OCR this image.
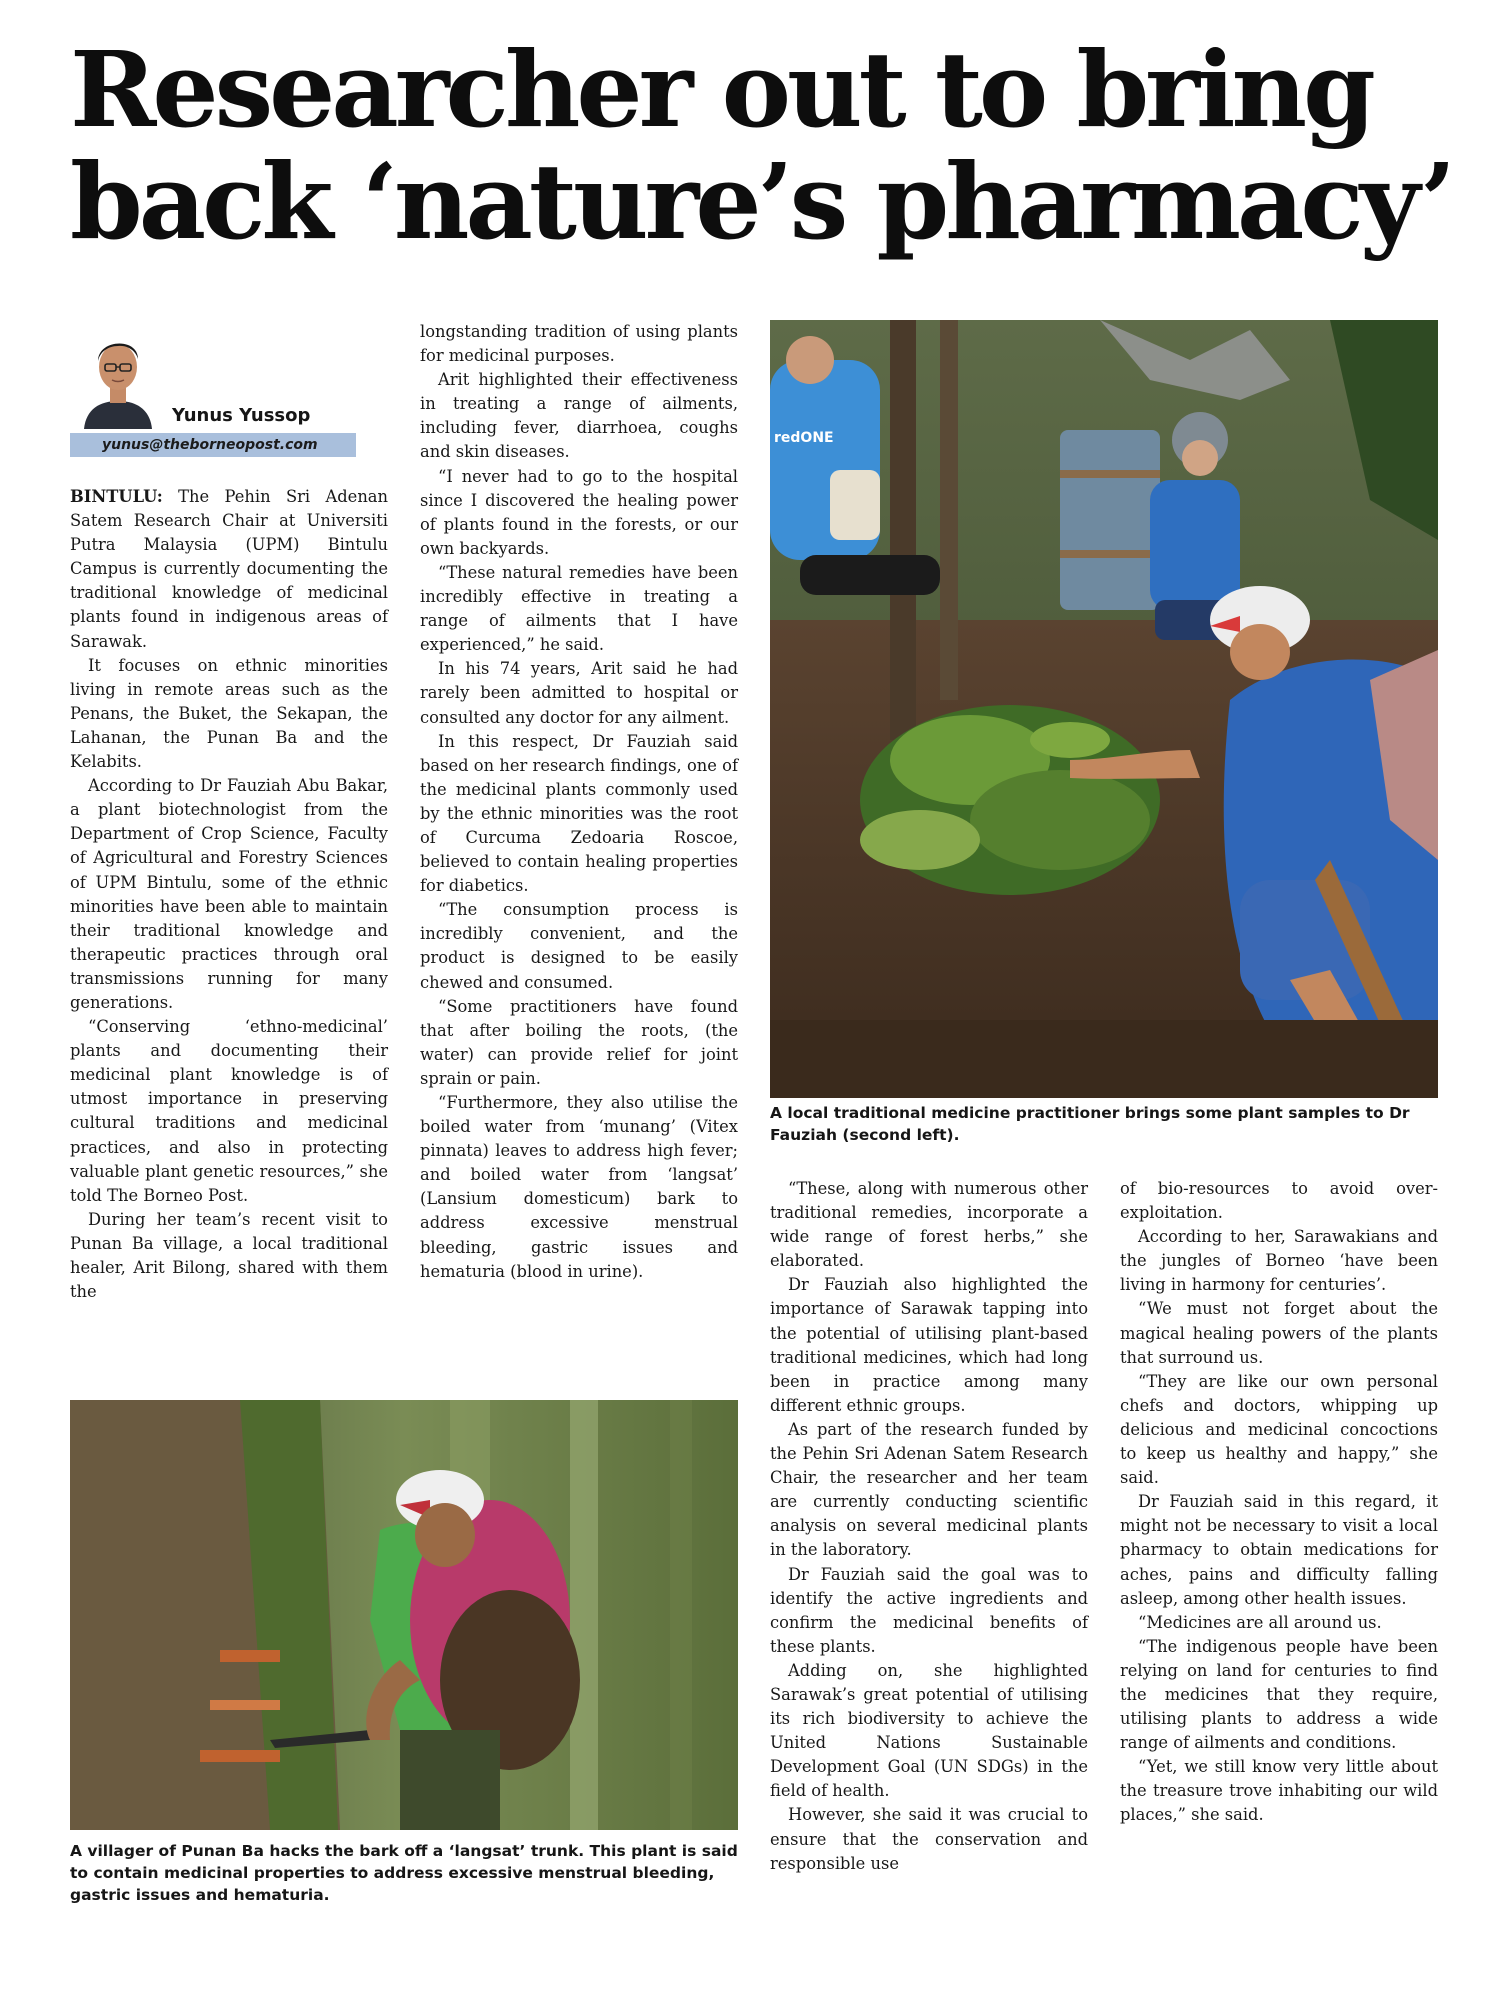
Researcher out to bring
back ‘nature’s pharmacy’
Yunus Yussop
yunus@theborneopost.com

BINTULU: The Pehin Sri Adenan Satem Research Chair at Universiti Putra Malaysia (UPM) Bintulu Campus is currently documenting the traditional knowledge of medicinal plants found in indigenous areas of Sarawak.

It focuses on ethnic minorities living in remote areas such as the Penans, the Buket, the Sekapan, the Lahanan, the Punan Ba and the Kelabits.

According to Dr Fauziah Abu Bakar, a plant biotechnologist from the Department of Crop Science, Faculty of Agricultural and Forestry Sciences of UPM Bintulu, some of the ethnic minorities have been able to maintain their traditional knowledge and therapeutic practices through oral transmissions running for many generations.

“Conserving ‘ethno-medicinal’ plants and documenting their medicinal plant knowledge is of utmost importance in preserving cultural traditions and medicinal practices, and also in protecting valuable plant genetic resources,” she told The Borneo Post.

During her team’s recent visit to Punan Ba village, a local traditional healer, Arit Bilong, shared with them the

longstanding tradition of using plants for medicinal purposes.

Arit highlighted their effectiveness in treating a range of ailments, including fever, diarrhoea, coughs and skin diseases.

“I never had to go to the hospital since I discovered the healing power of plants found in the forests, or our own backyards.

“These natural remedies have been incredibly effective in treating a range of ailments that I have experienced,” he said.

In his 74 years, Arit said he had rarely been admitted to hospital or consulted any doctor for any ailment.

In this respect, Dr Fauziah said based on her research findings, one of the medicinal plants commonly used by the ethnic minorities was the root of Curcuma Zedoaria Roscoe, believed to contain healing properties for diabetics.

“The consumption process is incredibly convenient, and the product is designed to be easily chewed and consumed.

“Some practitioners have found that after boiling the roots, (the water) can provide relief for joint sprain or pain.

“Furthermore, they also utilise the boiled water from ‘munang’ (Vitex pinnata) leaves to address high fever; and boiled water from ‘langsat’ (Lansium domesticum) bark to address excessive menstrual bleeding, gastric issues and hematuria (blood in urine).

redONE
A local traditional medicine practitioner brings some plant samples to Dr Fauziah (second left).
A villager of Punan Ba hacks the bark off a ‘langsat’ trunk. This plant is said to contain medicinal properties to address excessive menstrual bleeding, gastric issues and hematuria.

“These, along with numerous other traditional remedies, incorporate a wide range of forest herbs,” she elaborated.

Dr Fauziah also highlighted the importance of Sarawak tapping into the potential of utilising plant-based traditional medicines, which had long been in practice among many different ethnic groups.

As part of the research funded by the Pehin Sri Adenan Satem Research Chair, the researcher and her team are currently conducting scientific analysis on several medicinal plants in the laboratory.

Dr Fauziah said the goal was to identify the active ingredients and confirm the medicinal benefits of these plants.

Adding on, she highlighted Sarawak’s great potential of utilising its rich biodiversity to achieve the United Nations Sustainable Development Goal (UN SDGs) in the field of health.

However, she said it was crucial to ensure that the conservation and responsible use

of bio-resources to avoid over-exploitation.

According to her, Sarawakians and the jungles of Borneo ‘have been living in harmony for centuries’.

“We must not forget about the magical healing powers of the plants that surround us.

“They are like our own personal chefs and doctors, whipping up delicious and medicinal concoctions to keep us healthy and happy,” she said.

Dr Fauziah said in this regard, it might not be necessary to visit a local pharmacy to obtain medications for aches, pains and difficulty falling asleep, among other health issues.

“Medicines are all around us.

“The indigenous people have been relying on land for centuries to find the medicines that they require, utilising plants to address a wide range of ailments and conditions.

“Yet, we still know very little about the treasure trove inhabiting our wild places,” she said.
